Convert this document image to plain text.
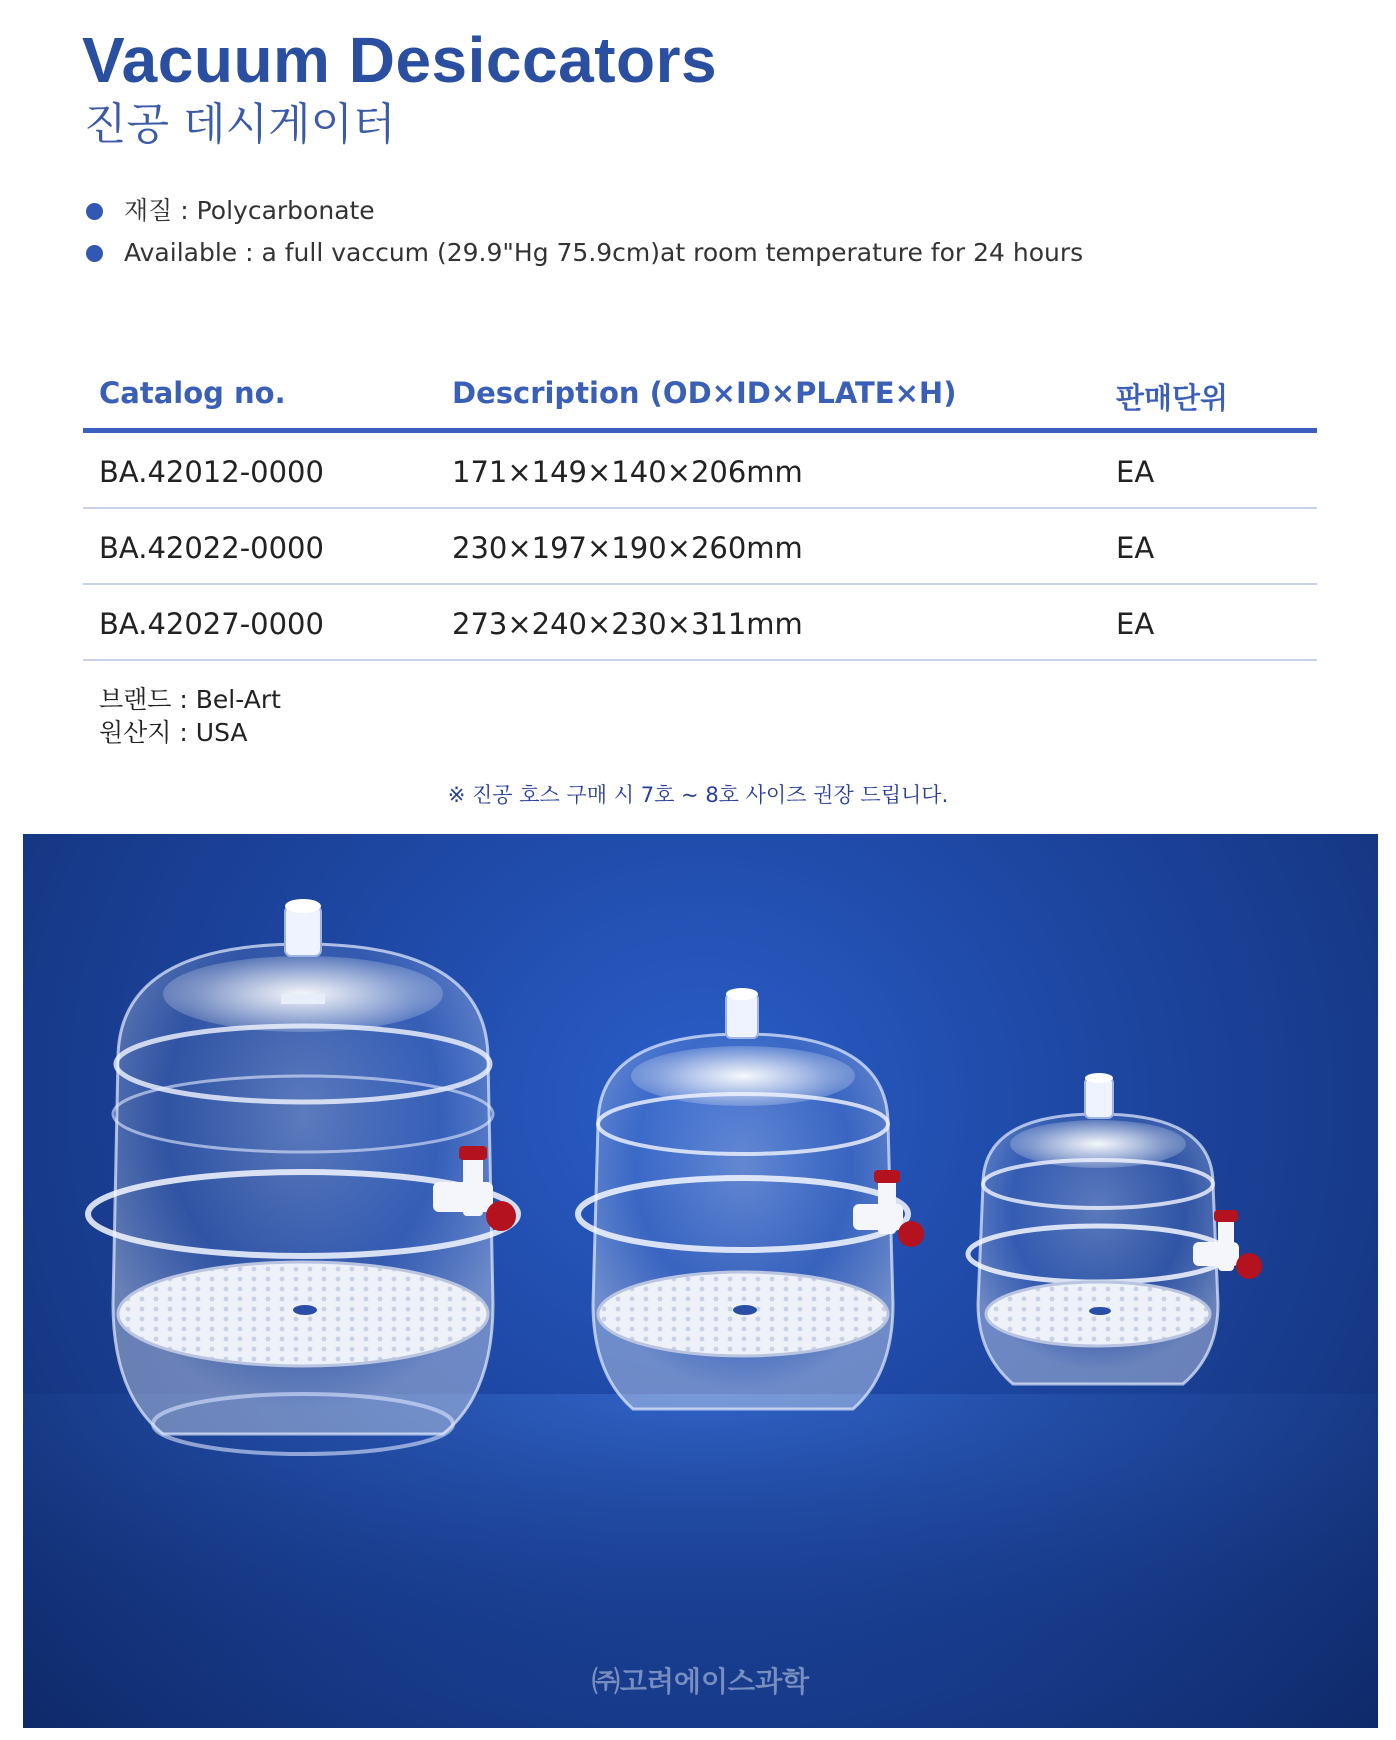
Vacuum Desiccators
진공 데시게이터
재질 : Polycarbonate
Available : a full vaccum (29.9"Hg 75.9cm)at room temperature for 24 hours
Catalog no.	Description (OD×ID×PLATE×H)	판매단위
BA.42012-0000	171×149×140×206mm	EA
BA.42022-0000	230×197×190×260mm	EA
BA.42027-0000	273×240×230×311mm	EA
브랜드 : Bel-Art
원산지 : USA
※ 진공 호스 구매 시 7호 ~ 8호 사이즈 권장 드립니다.
㈜고려에이스과학
